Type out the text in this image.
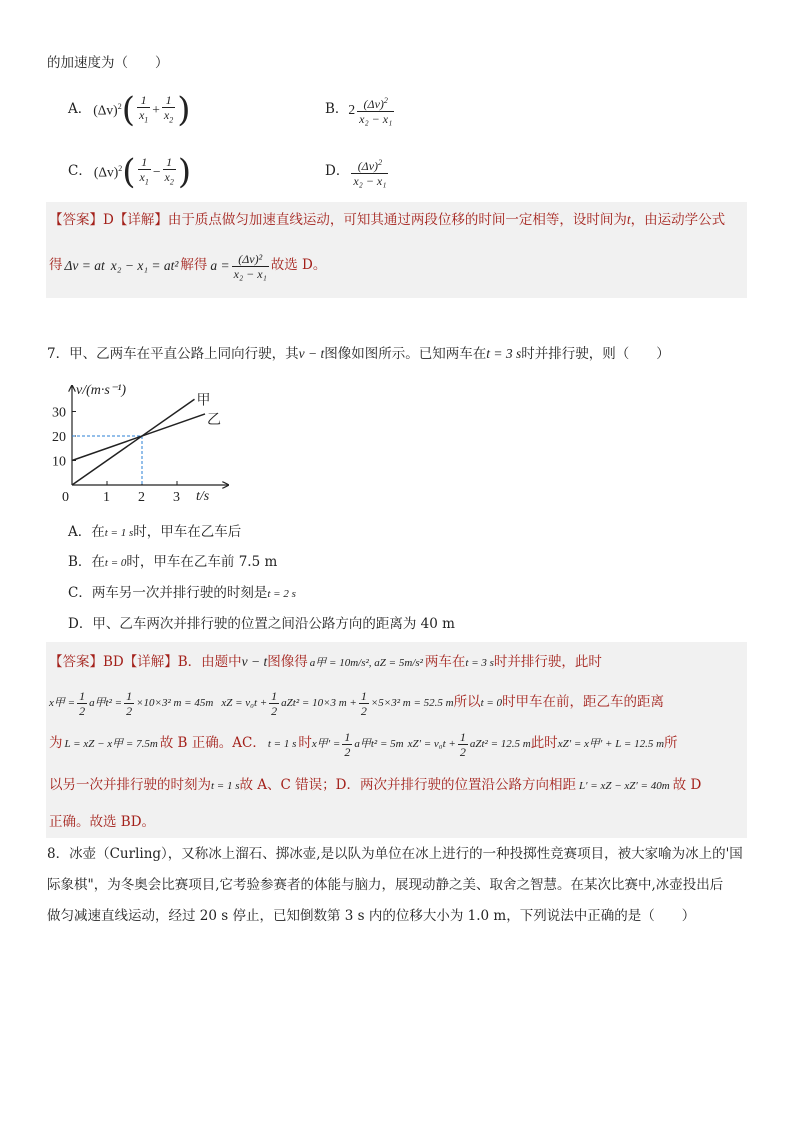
的加速度为（　　）
A． $(\Delta v)^2$ ( $\frac{1}{x_1} + \frac{1}{x_2}$ )	B． $2 \frac{(\Delta v)^2}{\text{x₂ − x₁}}$
C． $(\Delta v)^2$ ( $\frac{1}{x_1} - \frac{1}{x_2}$ )	D． $\frac{(\Delta v)^2}{\text{x₂ − x₁}}$
【答案】D【详解】由于质点做匀加速直线运动，可知其通过两段位移的时间一定相等，设时间为t，由运动学公式
得 Δv = at x₂ − x₁ = at² 解得 $a = \frac{\text{(Δv)²}}{\text{x₂ − x₁}}$ 故选 D。
7．甲、乙两车在平直公路上同向行驶，其v − t图像如图所示。已知两车在t = 3 s时并排行驶，则（　　）
0 1 2 3
10
20
30
v/(m·s⁻¹)
t/s
甲
乙
A．在t = 1 s时，甲车在乙车后
B．在t = 0时，甲车在乙车前 7.5 m
C．两车另一次并排行驶的时刻是t = 2 s
D．甲、乙车两次并排行驶的位置之间沿公路方向的距离为 40 m
【答案】BD【详解】B．由题中v − t图像得 a甲 = 10m/s², aZ = 5m/s² 两车在t = 3 s时并排行驶，此时
x甲 = $\frac{1}{2}$ a甲$t^2 = \frac{1}{2} \times 10\times 3^2$ m = 45m xZ = $v_0t + \frac{1}{2} aZt^2 = 10\times 3$ $m + \frac{1}{2} \times 5\times 3^2$ m = 52.5 m 所以 t = 0 时甲车在前，距乙车的距离
为 L = xZ − x甲 = 7.5m 故 B 正确。AC． t = 1 s 时 x甲′ = $\frac{1}{2}$ a甲t² = 5m $xZ' = v_0t + \frac{1}{2} aZt^2 = 12.5$ m 此时 xZ′ = x甲′ + L = 12.5 m 所
以另一次并排行驶的时刻为t = 1 s故 A、C 错误；D．两次并排行驶的位置沿公路方向相距 L′ = xZ − xZ′ = 40m 故 D
正确。故选 BD。
8．冰壶（Curling），又称冰上溜石、掷冰壶,是以队为单位在冰上进行的一种投掷性竞赛项目，被大家喻为冰上的'国
际象棋"，为冬奥会比赛项目,它考验参赛者的体能与脑力，展现动静之美、取舍之智慧。在某次比赛中,冰壶投出后
做匀减速直线运动，经过 20 s 停止，已知倒数第 3 s 内的位移大小为 1.0 m，下列说法中正确的是（　　）
